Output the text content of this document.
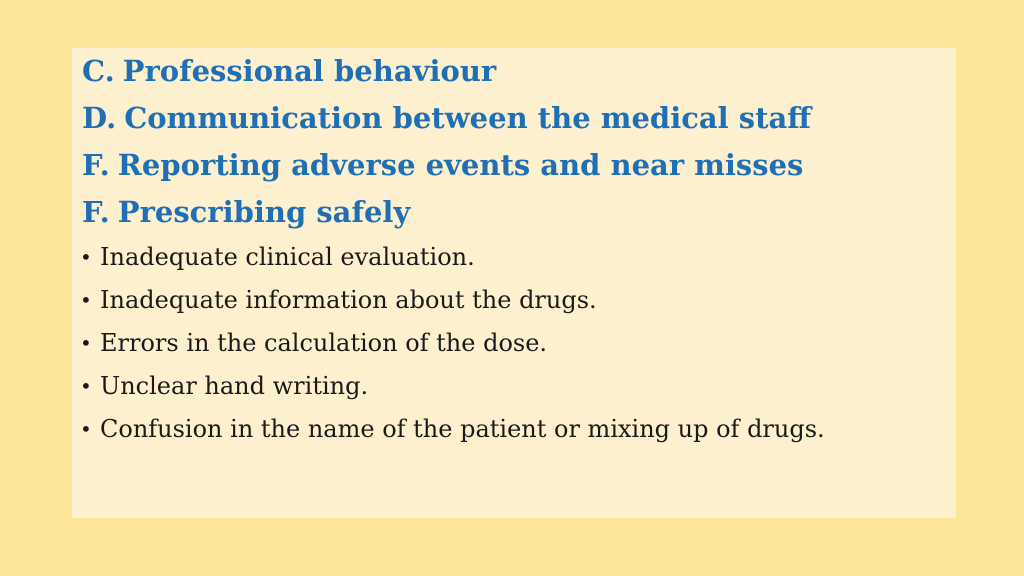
C. Professional behaviour
D. Communication between the medical staff
F. Reporting adverse events and near misses
F. Prescribing safely
• Inadequate clinical evaluation.
• Inadequate information about the drugs.
• Errors in the calculation of the dose.
• Unclear hand writing.
• Confusion in the name of the patient or mixing up of drugs.
